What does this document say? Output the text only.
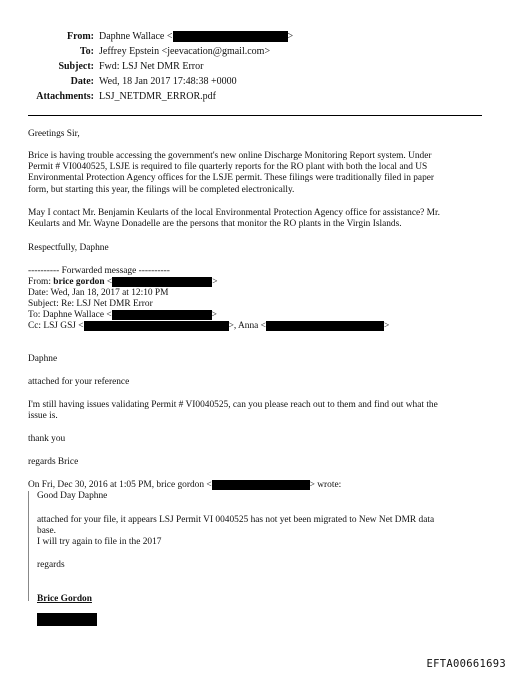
From: Daphne Wallace <	>
To: Jeffrey Epstein <jeevacation@gmail.com>
Subject: Fwd: LSJ Net DMR Error
Date: Wed, 18 Jan 2017 17:48:38 +0000
Attachments: LSJ_NETDMR_ERROR.pdf
Greetings Sir,
Brice is having trouble accessing the government's new online Discharge Monitoring Report system. Under
Permit # VI0040525, LSJE is required to file quarterly reports for the RO plant with both the local and US
Environmental Protection Agency offices for the LSJE permit. These filings were traditionally filed in paper
form, but starting this year, the filings will be completed electronically.
May I contact Mr. Benjamin Keularts of the local Environmental Protection Agency office for assistance? Mr.
Keularts and Mr. Wayne Donadelle are the persons that monitor the RO plants in the Virgin Islands.
Respectfully, Daphne
---------- Forwarded message ----------
From: brice gordon <	>
Date: Wed, Jan 18, 2017 at 12:10 PM
Subject: Re: LSJ Net DMR Error
To: Daphne Wallace <	>
Cc: LSJ GSJ <	>, Anna <	>
Daphne
attached for your reference
I'm still having issues validating Permit # VI0040525, can you please reach out to them and find out what the
issue is.
thank you
regards Brice
On Fri, Dec 30, 2016 at 1:05 PM, brice gordon <	> wrote:
Good Day Daphne
attached for your file, it appears LSJ Permit VI 0040525 has not yet been migrated to New Net DMR data
base.
I will try again to file in the 2017
regards
Brice Gordon
EFTA00661693
